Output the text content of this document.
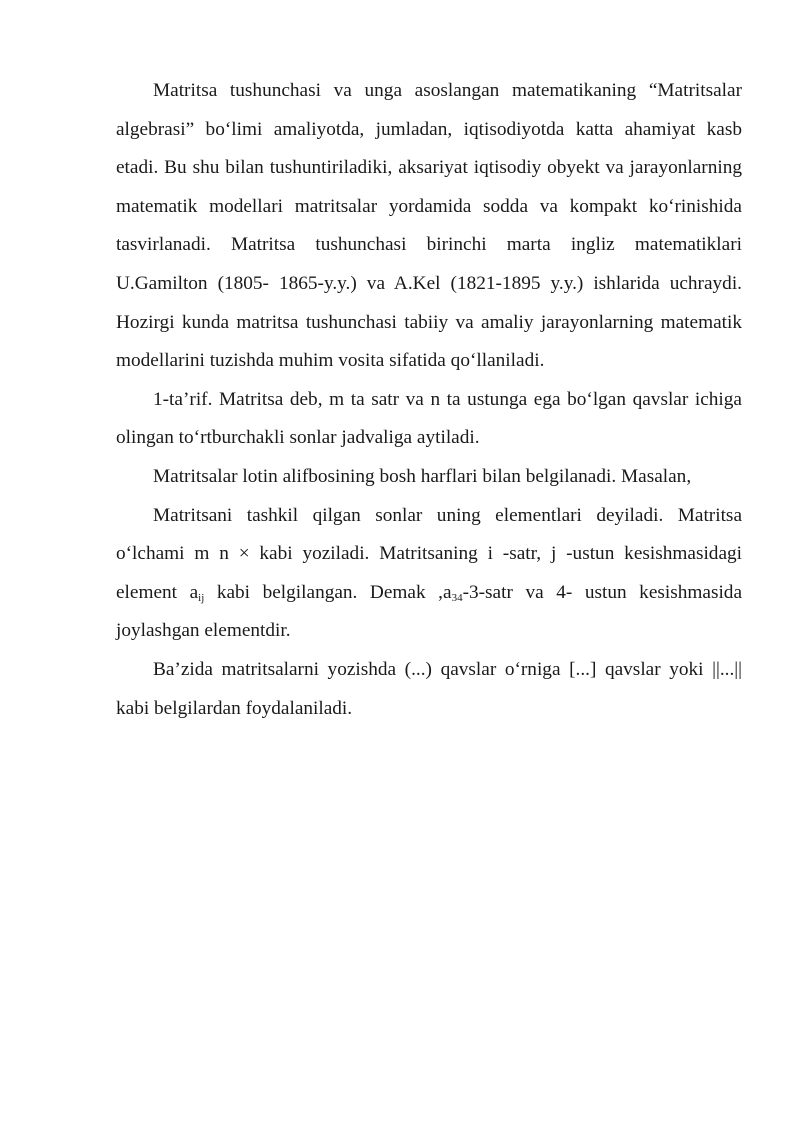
Matritsa tushunchasi va unga asoslangan matematikaning “Matritsalar algebrasi” bo‘limi amaliyotda, jumladan, iqtisodiyotda katta ahamiyat kasb etadi. Bu shu bilan tushuntiriladiki, aksariyat iqtisodiy obyekt va jarayonlarning matematik modellari matritsalar yordamida sodda va kompakt ko‘rinishida tasvirlanadi. Matritsa tushunchasi birinchi marta ingliz matematiklari U.Gamilton (1805- 1865-y.y.) va A.Kel (1821-1895 y.y.) ishlarida uchraydi. Hozirgi kunda matritsa tushunchasi tabiiy va amaliy jarayonlarning matematik modellarini tuzishda muhim vosita sifatida qo‘llaniladi.

1-ta’rif. Matritsa deb, m ta satr va n ta ustunga ega bo‘lgan qavslar ichiga olingan to‘rtburchakli sonlar jadvaliga aytiladi.

Matritsalar lotin alifbosining bosh harflari bilan belgilanadi. Masalan,

Matritsani tashkil qilgan sonlar uning elementlari deyiladi. Matritsa o‘lchami m n × kabi yoziladi. Matritsaning i -satr, j -ustun kesishmasidagi element $a_{ij}$ kabi belgilangan. Demak $,a_{34}-3$-satr va 4- ustun kesishmasida joylashgan elementdir.

Ba’zida matritsalarni yozishda (...) qavslar o‘rniga [...] qavslar yoki ||...|| kabi belgilardan foydalaniladi.
